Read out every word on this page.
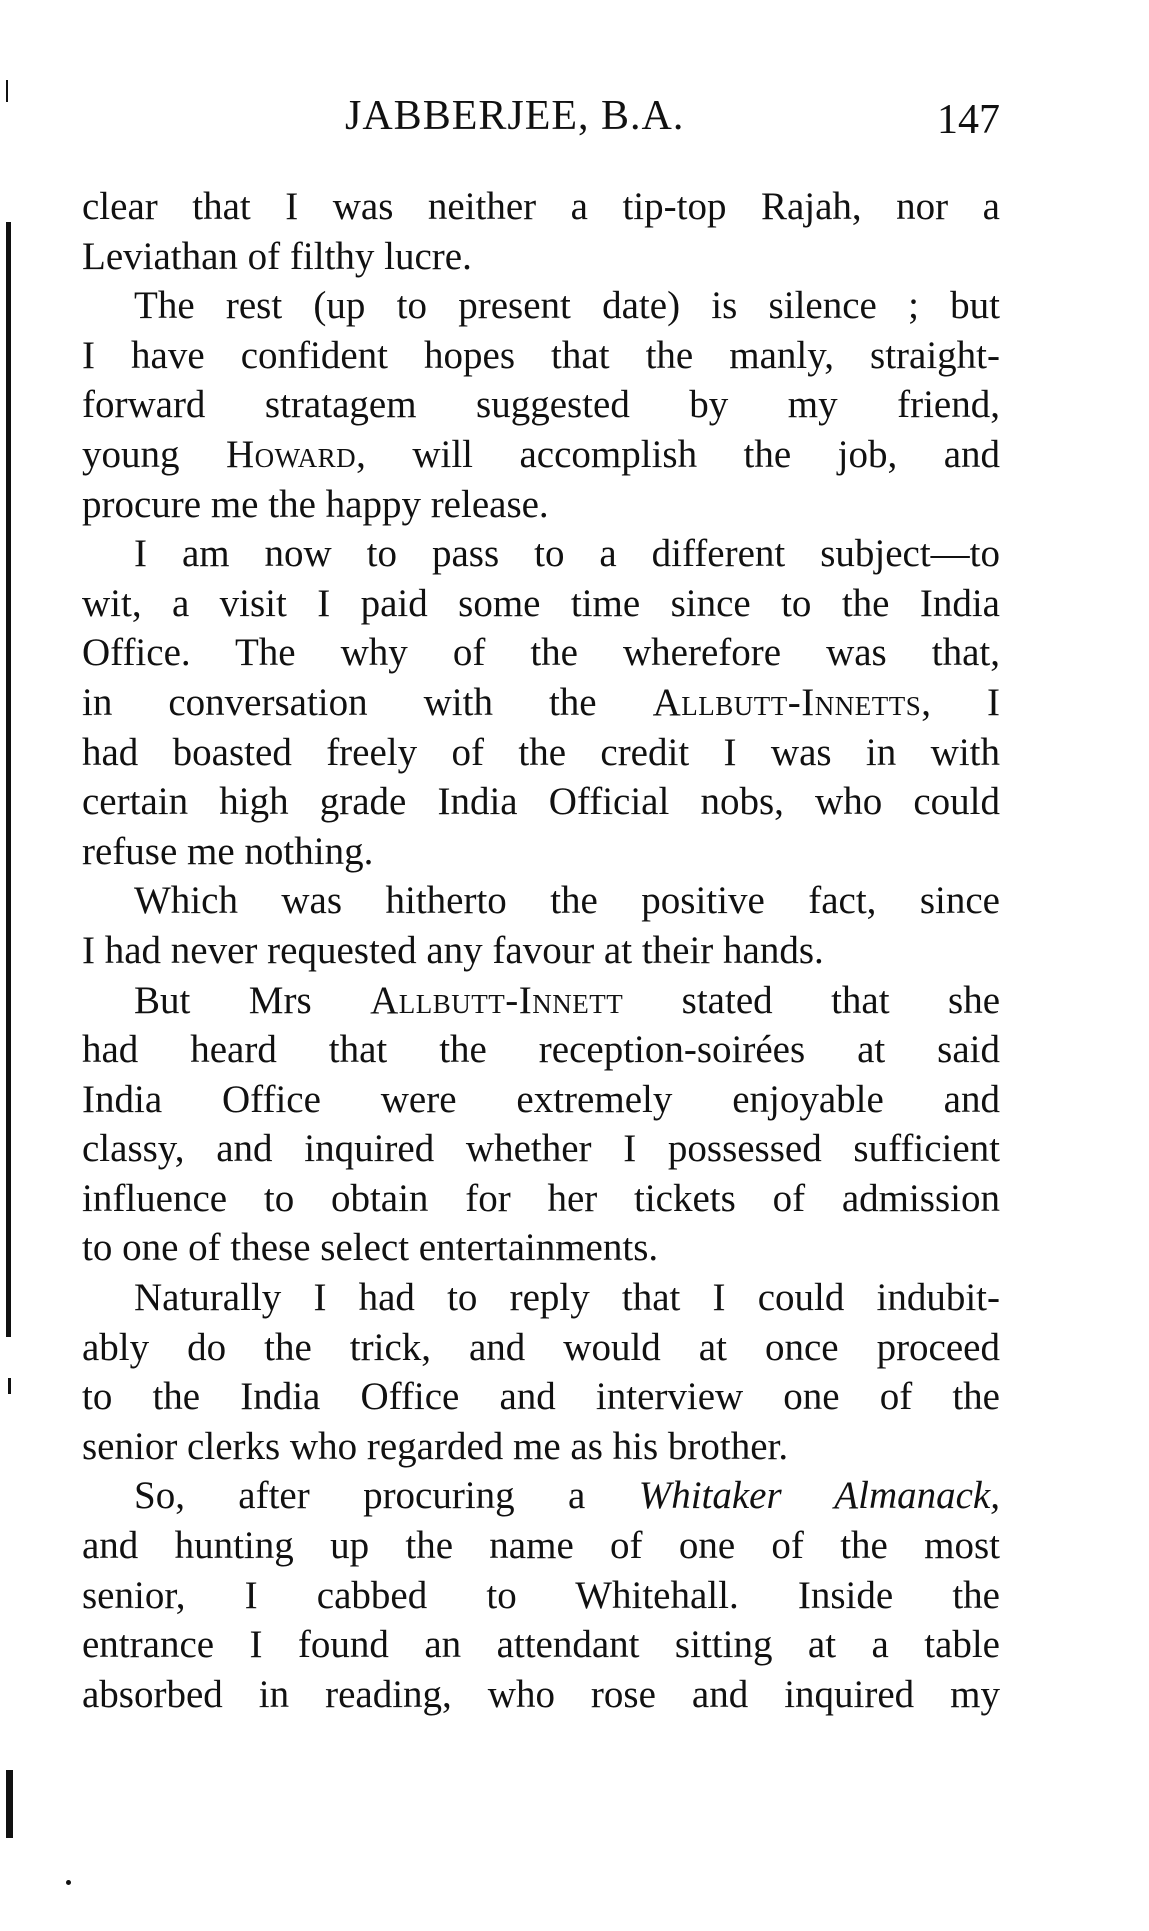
JABBERJEE, B.A.	147
clear that I was neither a tip-top Rajah, nor a
Leviathan of filthy lucre.
The rest (up to present date) is silence ; but
I have confident hopes that the manly, straight-
forward stratagem suggested by my friend,
young Howard, will accomplish the job, and
procure me the happy release.
I am now to pass to a different subject—to
wit, a visit I paid some time since to the India
Office. The why of the wherefore was that,
in conversation with the Allbutt-Innetts, I
had boasted freely of the credit I was in with
certain high grade India Official nobs, who could
refuse me nothing.
Which was hitherto the positive fact, since
I had never requested any favour at their hands.
But Mrs Allbutt-Innett stated that she
had heard that the reception-soirées at said
India Office were extremely enjoyable and
classy, and inquired whether I possessed sufficient
influence to obtain for her tickets of admission
to one of these select entertainments.
Naturally I had to reply that I could indubit-
ably do the trick, and would at once proceed
to the India Office and interview one of the
senior clerks who regarded me as his brother.
So, after procuring a Whitaker Almanack,
and hunting up the name of one of the most
senior, I cabbed to Whitehall. Inside the
entrance I found an attendant sitting at a table
absorbed in reading, who rose and inquired my
